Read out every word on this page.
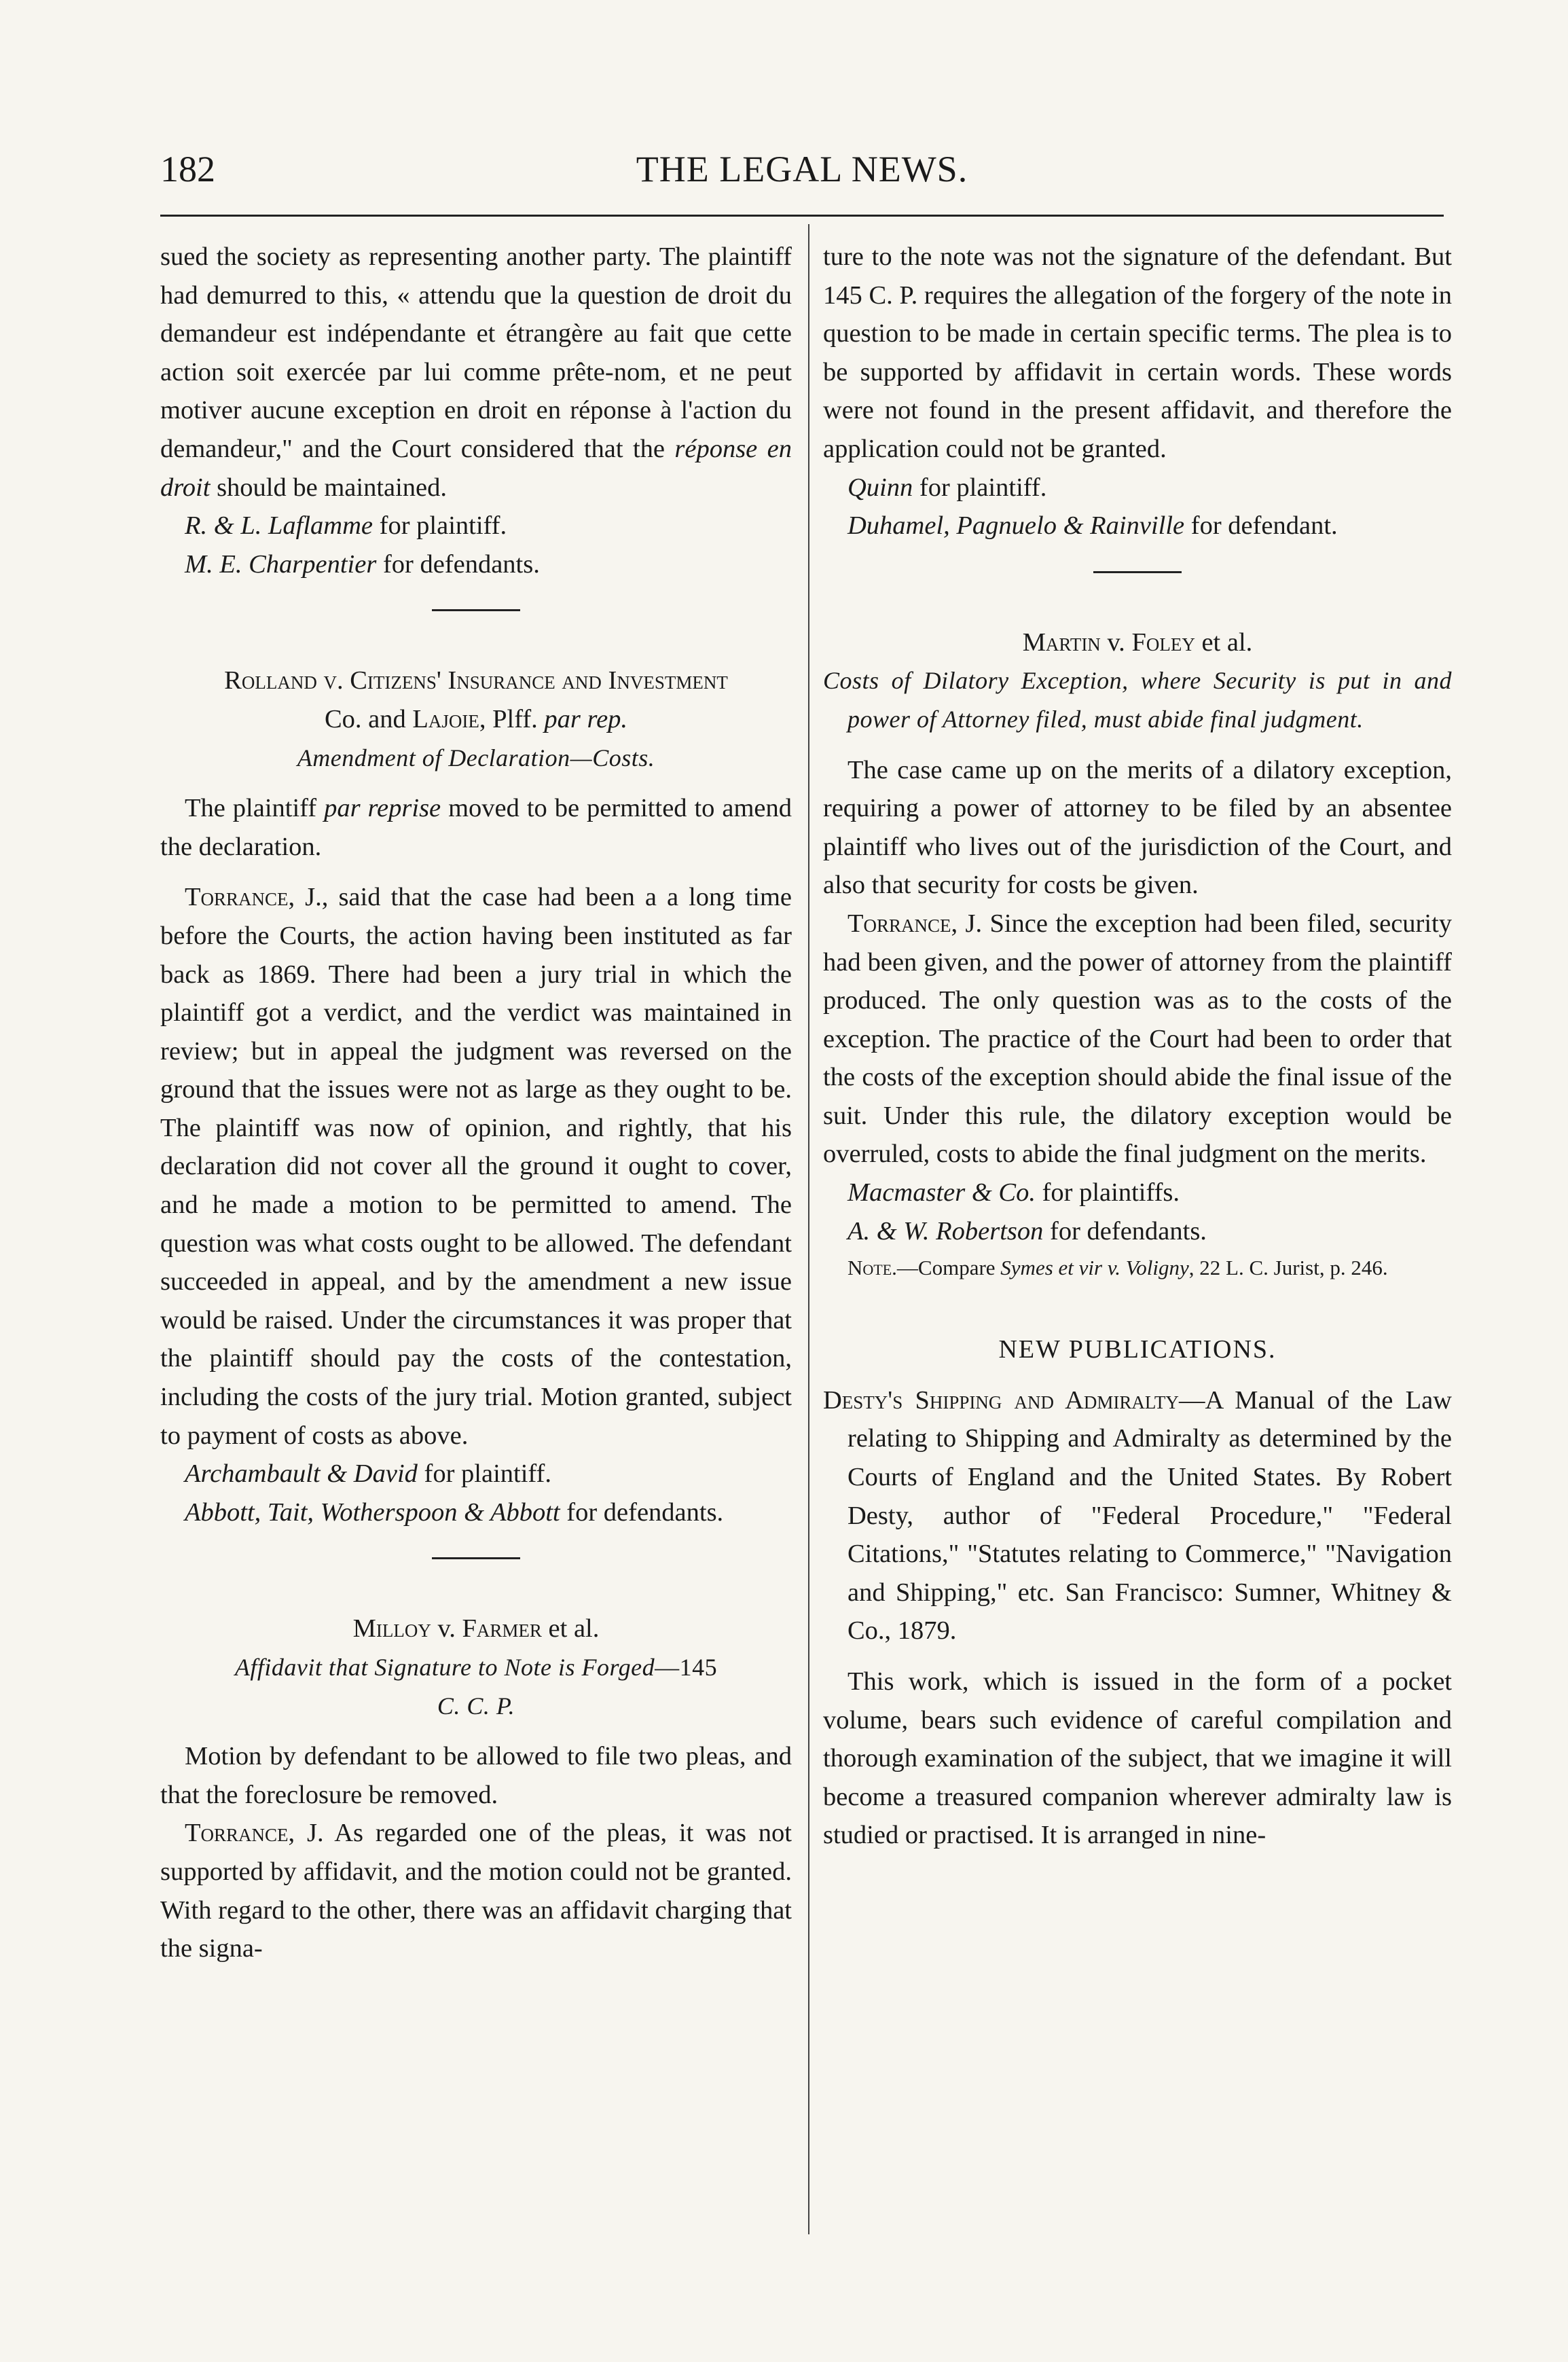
182	THE LEGAL NEWS.

sued the society as representing another party. The plaintiff had demurred to this, « attendu que la question de droit du demandeur est indépendante et étrangère au fait que cette action soit exercée par lui comme prête-nom, et ne peut motiver aucune exception en droit en réponse à l'action du demandeur," and the Court considered that the réponse en droit should be maintained.

R. & L. Laflamme for plaintiff.

M. E. Charpentier for defendants.

Rolland v. Citizens' Insurance and Investment

Co. and Lajoie, Plff. par rep.

Amendment of Declaration—Costs.

The plaintiff par reprise moved to be permitted to amend the declaration.

Torrance, J., said that the case had been a a long time before the Courts, the action having been instituted as far back as 1869. There had been a jury trial in which the plaintiff got a verdict, and the verdict was maintained in review; but in appeal the judgment was reversed on the ground that the issues were not as large as they ought to be. The plaintiff was now of opinion, and rightly, that his declaration did not cover all the ground it ought to cover, and he made a motion to be permitted to amend. The question was what costs ought to be allowed. The defendant succeeded in appeal, and by the amendment a new issue would be raised. Under the circumstances it was proper that the plaintiff should pay the costs of the contestation, including the costs of the jury trial. Motion granted, subject to payment of costs as above.

Archambault & David for plaintiff.

Abbott, Tait, Wotherspoon & Abbott for defendants.

Milloy v. Farmer et al.

Affidavit that Signature to Note is Forged—145

C. C. P.

Motion by defendant to be allowed to file two pleas, and that the foreclosure be removed.

Torrance, J. As regarded one of the pleas, it was not supported by affidavit, and the motion could not be granted. With regard to the other, there was an affidavit charging that the signa-

ture to the note was not the signature of the defendant. But 145 C. P. requires the allegation of the forgery of the note in question to be made in certain specific terms. The plea is to be supported by affidavit in certain words. These words were not found in the present affidavit, and therefore the application could not be granted.

Quinn for plaintiff.

Duhamel, Pagnuelo & Rainville for defendant.

Martin v. Foley et al.

Costs of Dilatory Exception, where Security is put in and power of Attorney filed, must abide final judgment.

The case came up on the merits of a dilatory exception, requiring a power of attorney to be filed by an absentee plaintiff who lives out of the jurisdiction of the Court, and also that security for costs be given.

Torrance, J. Since the exception had been filed, security had been given, and the power of attorney from the plaintiff produced. The only question was as to the costs of the exception. The practice of the Court had been to order that the costs of the exception should abide the final issue of the suit. Under this rule, the dilatory exception would be overruled, costs to abide the final judgment on the merits.

Macmaster & Co. for plaintiffs.

A. & W. Robertson for defendants.

Note.—Compare Symes et vir v. Voligny, 22 L. C. Jurist, p. 246.

NEW PUBLICATIONS.

Desty's Shipping and Admiralty—A Manual of the Law relating to Shipping and Admiralty as determined by the Courts of England and the United States. By Robert Desty, author of "Federal Procedure," "Federal Citations," "Statutes relating to Commerce," "Navigation and Shipping," etc. San Francisco: Sumner, Whitney & Co., 1879.

This work, which is issued in the form of a pocket volume, bears such evidence of careful compilation and thorough examination of the subject, that we imagine it will become a treasured companion wherever admiralty law is studied or practised. It is arranged in nine-
